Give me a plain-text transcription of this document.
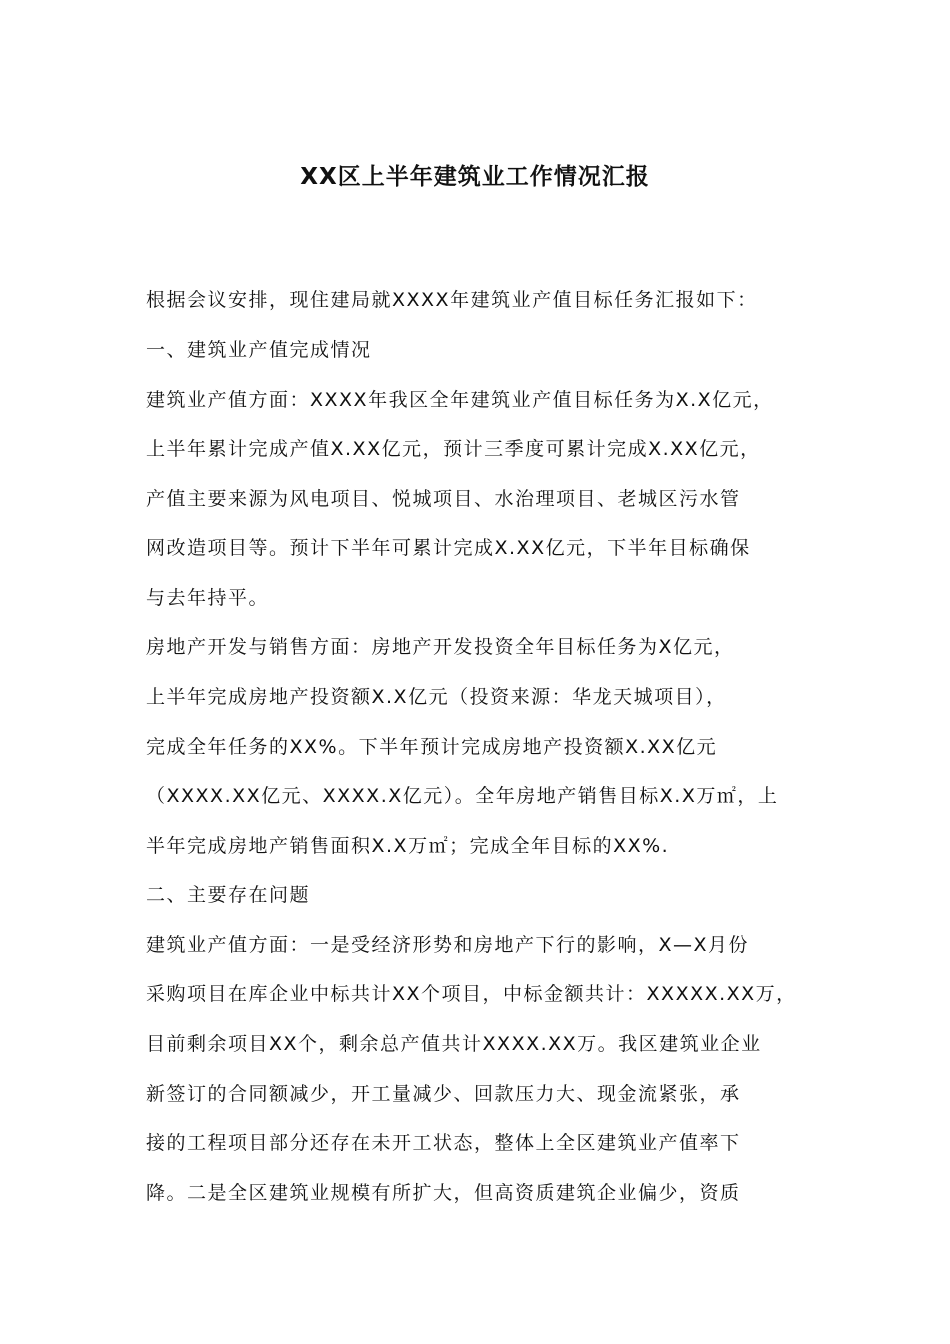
XX区上半年建筑业工作情况汇报

根据会议安排，现住建局就XXXX年建筑业产值目标任务汇报如下：

一、建筑业产值完成情况

建筑业产值方面：XXXX年我区全年建筑业产值目标任务为X.X亿元，

上半年累计完成产值X.XX亿元，预计三季度可累计完成X.XX亿元，

产值主要来源为风电项目、悦城项目、水治理项目、老城区污水管

网改造项目等。预计下半年可累计完成X.XX亿元，下半年目标确保

与去年持平。

房地产开发与销售方面：房地产开发投资全年目标任务为X亿元，

上半年完成房地产投资额X.X亿元（投资来源：华龙天城项目），

完成全年任务的XX%。下半年预计完成房地产投资额X.XX亿元

（XXXX.XX亿元、XXXX.X亿元）。全年房地产销售目标X.X万㎡，上

半年完成房地产销售面积X.X万㎡；完成全年目标的XX%.

二、主要存在问题

建筑业产值方面：一是受经济形势和房地产下行的影响，X—X月份

采购项目在库企业中标共计XX个项目，中标金额共计：XXXXX.XX万，

目前剩余项目XX个，剩余总产值共计XXXX.XX万。我区建筑业企业

新签订的合同额减少，开工量减少、回款压力大、现金流紧张，承

接的工程项目部分还存在未开工状态，整体上全区建筑业产值率下

降。二是全区建筑业规模有所扩大，但高资质建筑企业偏少，资质
